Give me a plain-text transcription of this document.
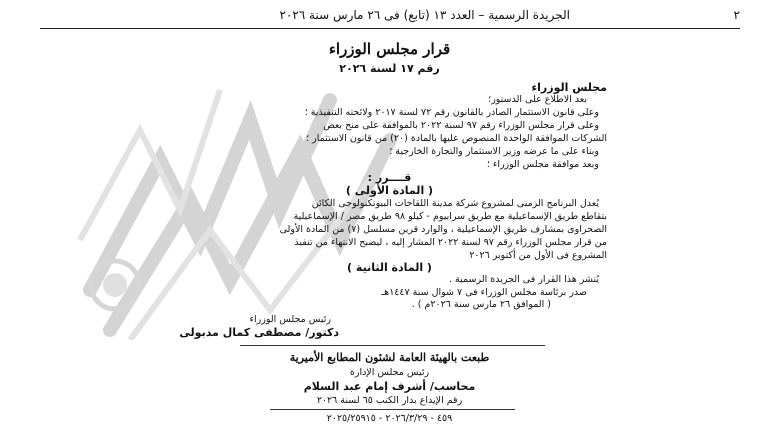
٢
الجريدة الرسمية – العدد ١٣ (تابع) فى ٢٦ مارس سنة ٢٠٢٦
قرار مجلس الوزراء
رقم ١٧ لسنة ٢٠٢٦
مجلس الوزراء
بعد الاطلاع على الدستور؛
وعلى قانون الاستثمار الصادر بالقانون رقم ٧٢ لسنة ٢٠١٧ ولائحته التنفيذية ؛
وعلى قرار مجلس الوزراء رقم ٩٧ لسنة ٢٠٢٢ بالموافقة على منح بعض
الشركات الموافقة الواحدة المنصوص عليها بالمادة (٢٠) من قانون الاستثمار ؛
وبناء على ما عرضه وزير الاستثمار والتجارة الخارجية ؛
وبعد موافقة مجلس الوزراء ؛
قــــرر :
( المادة الأولى )
يُعدل البرنامج الزمنى لمشروع شركة مدينة اللقاحات البيوتكنولوجى الكائن
بتقاطع طريق الإسماعيلية مع طريق سرابيوم - كيلو ٩٨ طريق مصر / الإسماعيلية
الصحراوى بمشارف طريق الإسماعيلية ، والوارد قرين مسلسل (٧) من المادة الأولى
من قرار مجلس الوزراء رقم ٩٧ لسنة ٢٠٢٢ المشار إليه ، ليصبح الانتهاء من تنفيذ
المشروع فى الأول من أكتوبر ٢٠٢٦
( المادة الثانية )
يُنشر هذا القرار فى الجريدة الرسمية .
صدر برئاسة مجلس الوزراء فى ٧ شوال سنة ١٤٤٧هـ
( الموافق ٢٦ مارس سنة ٢٠٢٦م ) .
رئيس مجلس الوزراء
دكتور/ مصطفى كمال مدبولى
طبعت بالهيئة العامة لشئون المطابع الأميرية
رئيس مجلس الإدارة
محاسب/ أشرف إمام عبد السلام
رقم الإيداع بدار الكتب ٦٥ لسنة ٢٠٢٦
٤٥٩ - ٢٠٢٦/٣/٢٩ - ٢٠٢٥/٢٥٩١٥
